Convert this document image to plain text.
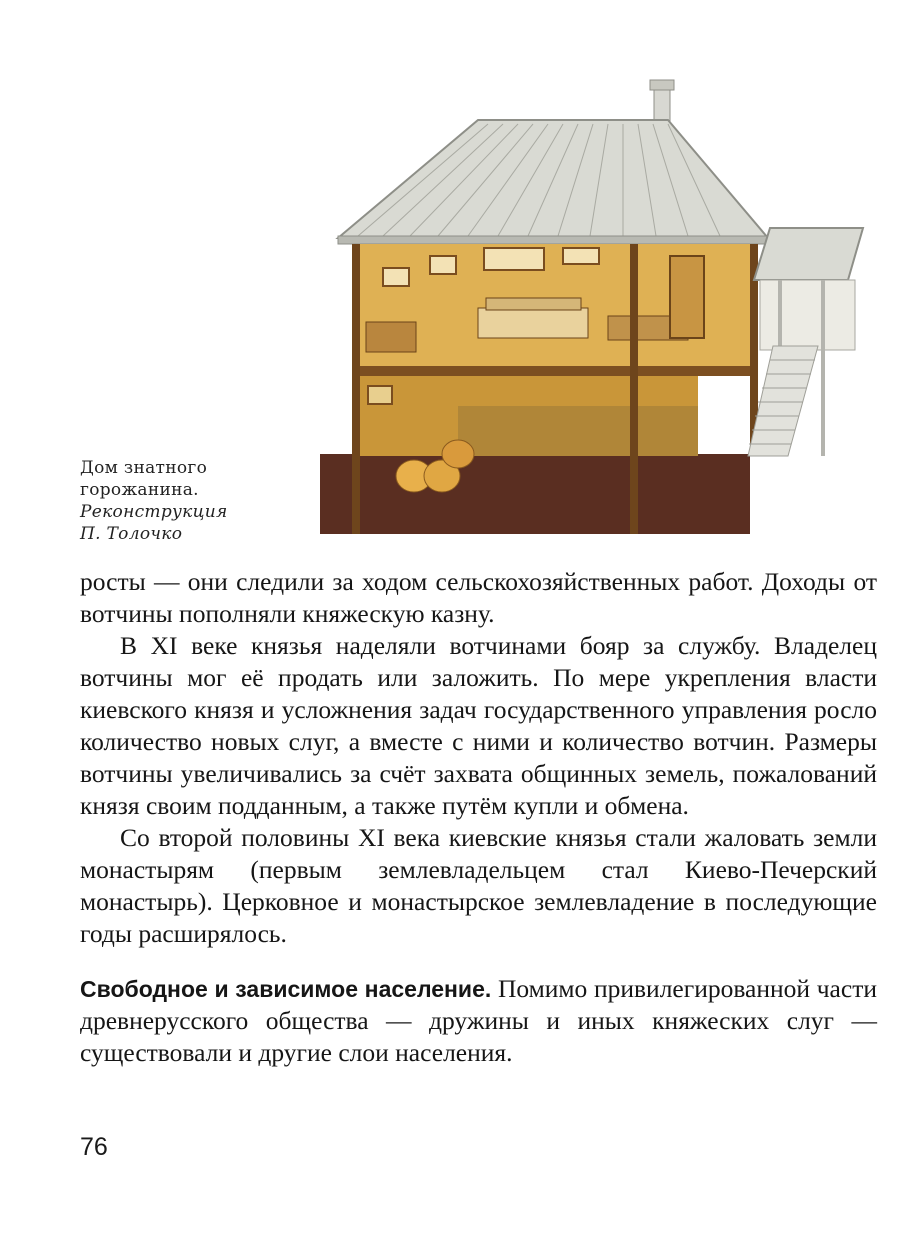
Дом знатного
горожанина.
Реконструкция
П. Толочко

росты — они следили за ходом сельскохозяйственных работ. Доходы от вотчины пополняли княжескую казну.

В XI веке князья наделяли вотчинами бояр за службу. Владелец вотчины мог её продать или заложить. По мере укрепления власти киевского князя и усложнения задач государственного управления росло количество новых слуг, а вместе с ними и количество вотчин. Размеры вотчины увеличивались за счёт захвата общинных земель, пожалований князя своим подданным, а также путём купли и обмена.

Со второй половины XI века киевские князья стали жаловать земли монастырям (первым землевладельцем стал Киево-Печерский монастырь). Церковное и монастырское землевладение в последующие годы расширялось.

Свободное и зависимое население. Помимо привилегированной части древнерусского общества — дружины и иных княжеских слуг — существовали и другие слои населения.

76
